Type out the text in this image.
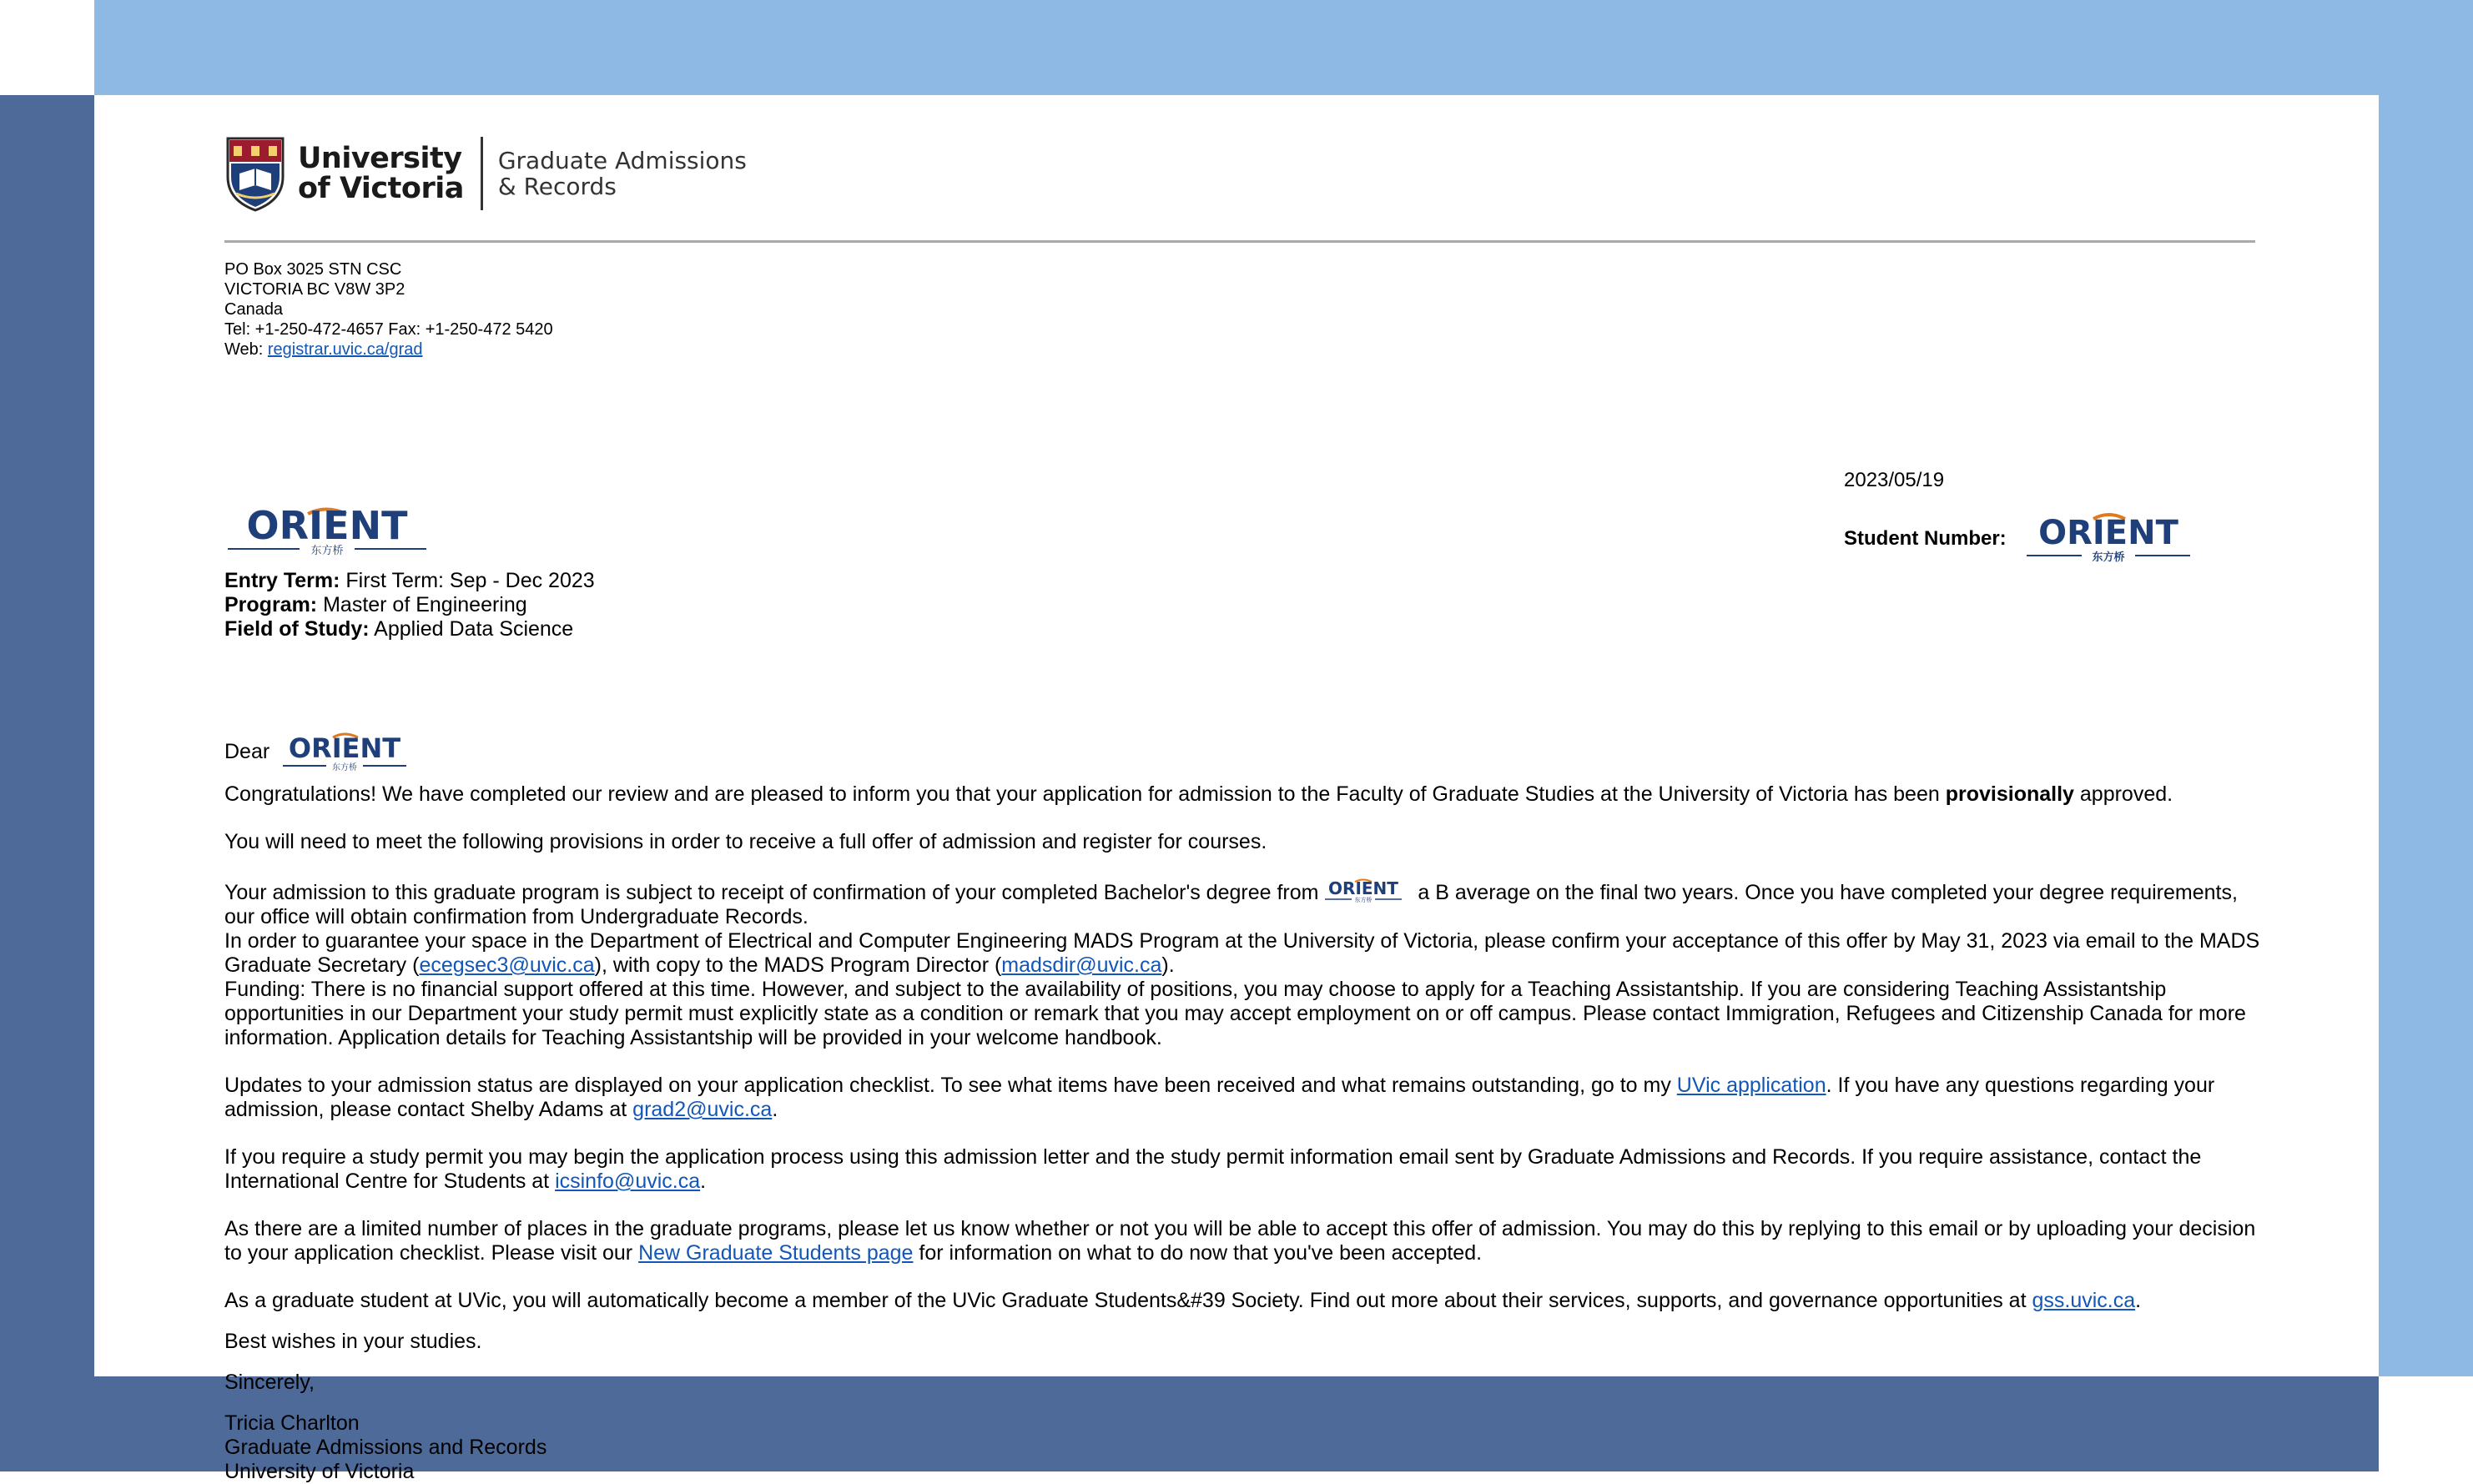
University
of Victoria
Graduate Admissions
& Records
PO Box 3025 STN CSC
VICTORIA BC V8W 3P2
Canada
Tel: +1-250-472-4657 Fax: +1-250-472 5420
Web: registrar.uvic.ca/grad
2023/05/19
Student Number: ORIENT
东方桥
ORIENT
东方桥
Entry Term: First Term: Sep - Dec 2023
Program: Master of Engineering
Field of Study: Applied Data Science
Dear ORIENT
东方桥

Congratulations! We have completed our review and are pleased to inform you that your application for admission to the Faculty of Graduate Studies at the University of Victoria has been provisionally approved.

You will need to meet the following provisions in order to receive a full offer of admission and register for courses.

Your admission to this graduate program is subject to receipt of confirmation of your completed Bachelor's degree from ORIENT
东方桥 a B average on the final two years. Once you have completed your degree requirements, our office will obtain confirmation from Undergraduate Records.

In order to guarantee your space in the Department of Electrical and Computer Engineering MADS Program at the University of Victoria, please confirm your acceptance of this offer by May 31, 2023 via email to the MADS Graduate Secretary (ecegsec3@uvic.ca), with copy to the MADS Program Director (madsdir@uvic.ca).

Funding: There is no financial support offered at this time. However, and subject to the availability of positions, you may choose to apply for a Teaching Assistantship. If you are considering Teaching Assistantship opportunities in our Department your study permit must explicitly state as a condition or remark that you may accept employment on or off campus. Please contact Immigration, Refugees and Citizenship Canada for more information. Application details for Teaching Assistantship will be provided in your welcome handbook.

Updates to your admission status are displayed on your application checklist. To see what items have been received and what remains outstanding, go to my UVic application. If you have any questions regarding your admission, please contact Shelby Adams at grad2@uvic.ca.

If you require a study permit you may begin the application process using this admission letter and the study permit information email sent by Graduate Admissions and Records. If you require assistance, contact the International Centre for Students at icsinfo@uvic.ca.

As there are a limited number of places in the graduate programs, please let us know whether or not you will be able to accept this offer of admission. You may do this by replying to this email or by uploading your decision to your application checklist. Please visit our New Graduate Students page for information on what to do now that you've been accepted.

As a graduate student at UVic, you will automatically become a member of the UVic Graduate Students&#39 Society. Find out more about their services, supports, and governance opportunities at gss.uvic.ca.

Best wishes in your studies.

Sincerely,

Tricia Charlton
Graduate Admissions and Records
University of Victoria
